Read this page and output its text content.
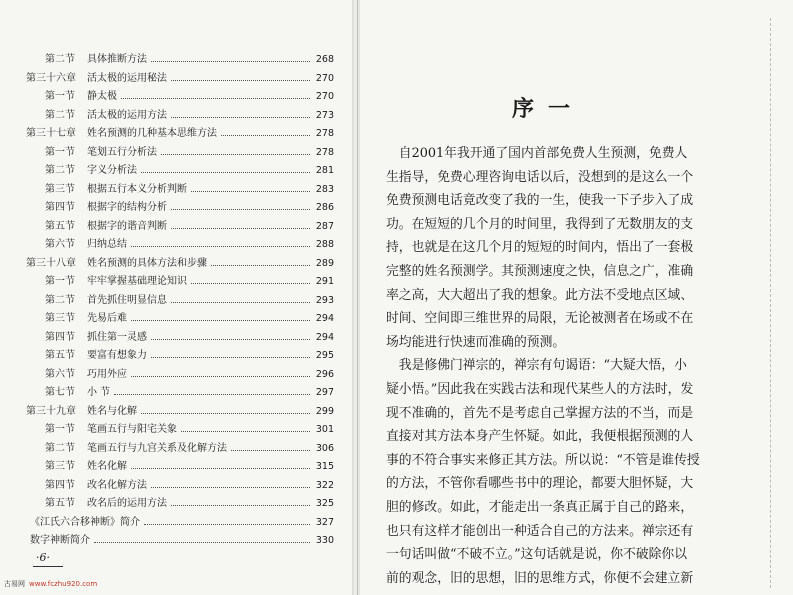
第二节 具体推断方法	268
第三十六章 活太极的运用秘法	270
第一节 静太极	270
第二节 活太极的运用方法	273
第三十七章 姓名预测的几种基本思维方法	278
第一节 笔划五行分析法	278
第二节 字义分析法	281
第三节 根据五行本义分析判断	283
第四节 根据字的结构分析	286
第五节 根据字的谐音判断	287
第六节 归纳总结	288
第三十八章 姓名预测的具体方法和步骤	289
第一节 牢牢掌握基础理论知识	291
第二节 首先抓住明显信息	293
第三节 先易后难	294
第四节 抓住第一灵感	294
第五节 要富有想象力	295
第六节 巧用外应	296
第七节 小 节	297
第三十九章 姓名与化解	299
第一节 笔画五行与阳宅关象	301
第二节 笔画五行与九宫关系及化解方法	306
第三节 姓名化解	315
第四节 改名化解方法	322
第五节 改名后的运用方法	325
《江氏六合移神断》简介	327
数字神断简介	330
·6·
古易网 www.fczhu920.com
序一
　自2001年我开通了国内首部免费人生预测，免费人
生指导，免费心理咨询电话以后，没想到的是这么一个
免费预测电话竟改变了我的一生，使我一下子步入了成
功。在短短的几个月的时间里，我得到了无数朋友的支
持，也就是在这几个月的短短的时间内，悟出了一套极
完整的姓名预测学。其预测速度之快，信息之广，准确
率之高，大大超出了我的想象。此方法不受地点区域、
时间、空间即三维世界的局限，无论被测者在场或不在
场均能进行快速而准确的预测。
　我是修佛门禅宗的，禅宗有句谒语：“大疑大悟，小
疑小悟。”因此我在实践古法和现代某些人的方法时，发
现不准确的，首先不是考虑自己掌握方法的不当，而是
直接对其方法本身产生怀疑。如此，我便根据预测的人
事的不符合事实来修正其方法。所以说：“不管是谁传授
的方法，不管你看哪些书中的理论，都要大胆怀疑，大
胆的修改。如此，才能走出一条真正属于自己的路来，
也只有这样才能创出一种适合自己的方法来。禅宗还有
一句话叫做“不破不立。”这句话就是说，你不破除你以
前的观念，旧的思想，旧的思维方式，你便不会建立新
